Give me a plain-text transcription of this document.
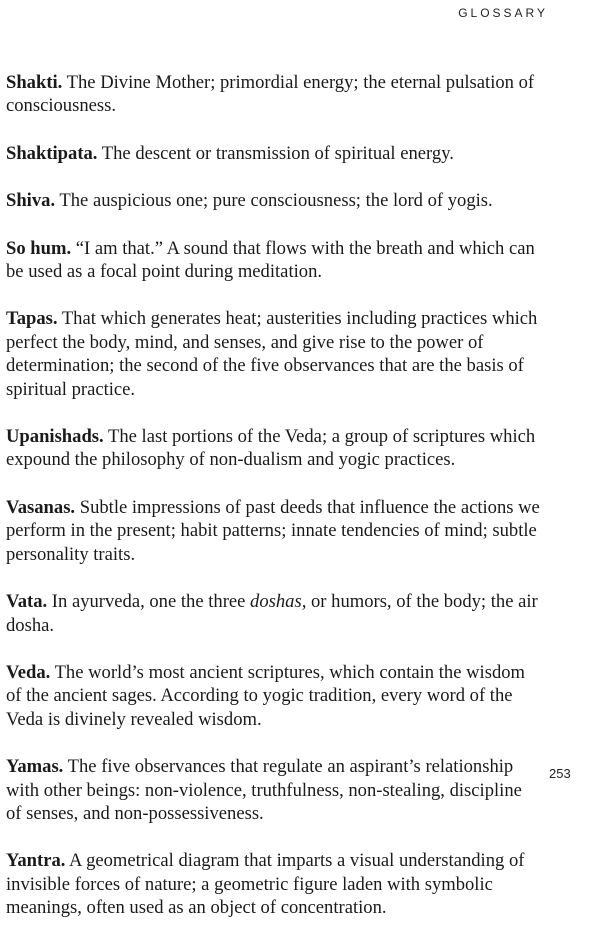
GLOSSARY
253

Shakti. The Divine Mother; primordial energy; the eternal pulsation of consciousness.

Shaktipata. The descent or transmission of spiritual energy.

Shiva. The auspicious one; pure consciousness; the lord of yogis.

So hum. “I am that.” A sound that flows with the breath and which can be used as a focal point during meditation.

Tapas. That which generates heat; austerities including practices which perfect the body, mind, and senses, and give rise to the power of determination; the second of the five observances that are the basis of spiritual practice.

Upanishads. The last portions of the Veda; a group of scriptures which expound the philosophy of non-dualism and yogic practices.

Vasanas. Subtle impressions of past deeds that influence the actions we perform in the present; habit patterns; innate tendencies of mind; subtle personality traits.

Vata. In ayurveda, one the three doshas, or humors, of the body; the air dosha.

Veda. The world’s most ancient scriptures, which contain the wisdom of the ancient sages. According to yogic tradition, every word of the Veda is divinely revealed wisdom.

Yamas. The five observances that regulate an aspirant’s relationship with other beings: non-violence, truthfulness, non-stealing, discipline of senses, and non-possessiveness.

Yantra. A geometrical diagram that imparts a visual understanding of invisible forces of nature; a geometric figure laden with symbolic meanings, often used as an object of concentration.
